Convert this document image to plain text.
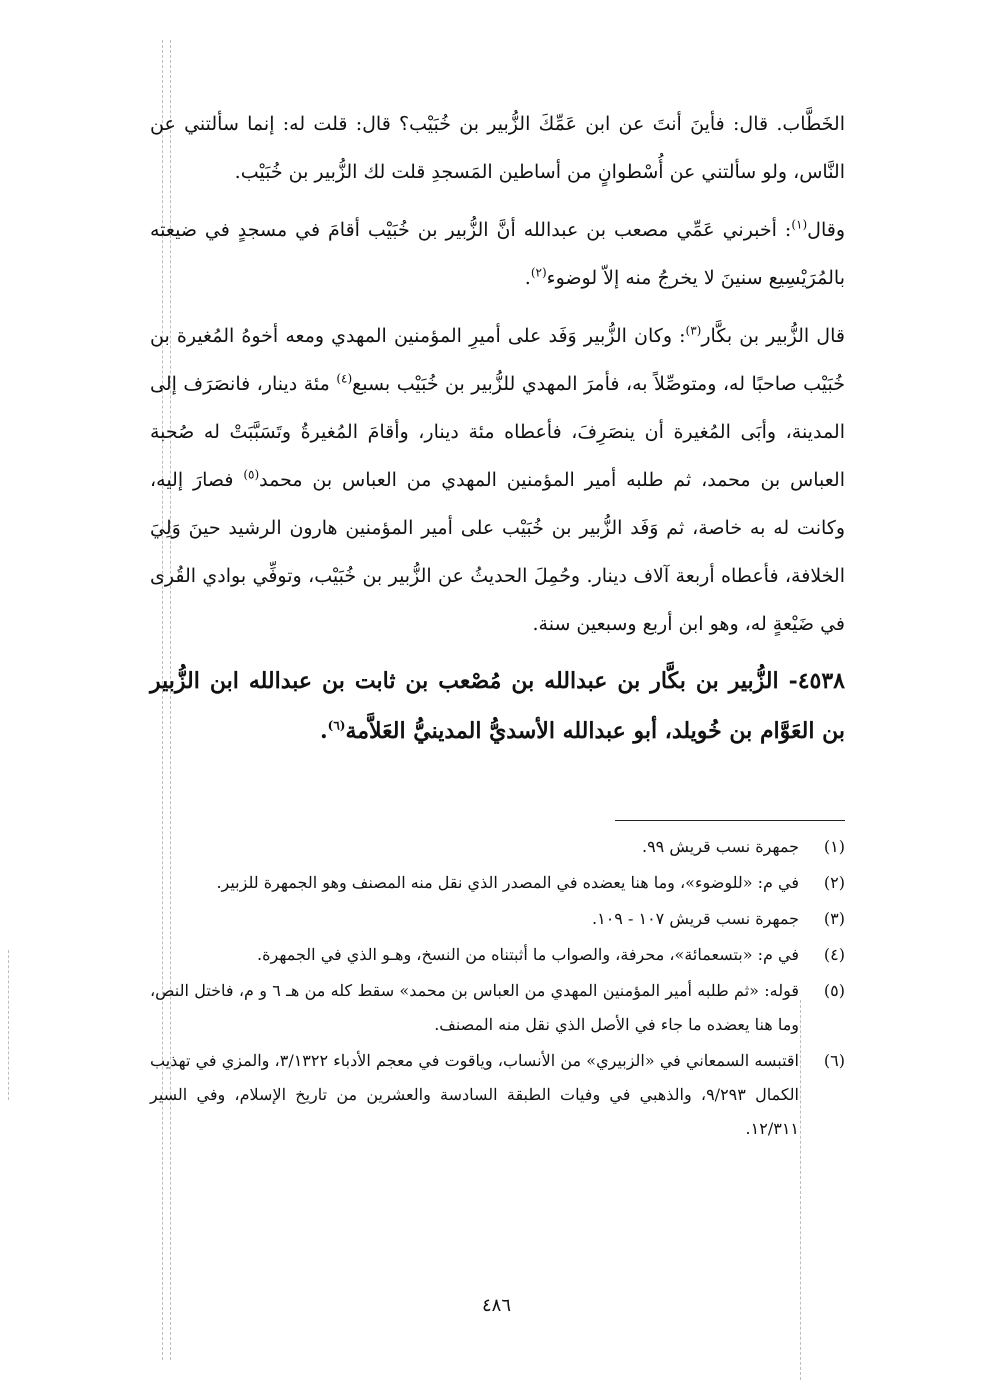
الخَطَّاب. قال: فأينَ أنتَ عن ابن عَمِّكَ الزُّبير بن خُبَيْب؟ قال: قلت له: إنما سألتني عن النَّاس، ولو سألتني عن أُسْطوانٍ من أساطين المَسجدِ قلت لك الزُّبير بن خُبَيْب.

وقال$^{(١)}$: أخبرني عَمِّي مصعب بن عبدالله أنَّ الزُّبير بن خُبَيْب أقامَ في مسجدٍ في ضيعته بالمُرَيْسِيع سنينَ لا يخرجُ منه إلاّ لوضوء$^{(٢)}$.

قال الزُّبير بن بكَّار$^{(٣)}$: وكان الزُّبير وَفَد على أميرِ المؤمنين المهدي ومعه أخوهُ المُغيرة بن خُبَيْب صاحبًا له، ومتوصِّلاً به، فأمرَ المهدي للزُّبير بن خُبَيْب بسبع$^{(٤)}$ مئة دينار، فانصَرَف إلى المدينة، وأبَى المُغيرة أن ينصَرِفَ، فأعطاه مئة دينار، وأقامَ المُغيرةُ وتَسَبَّبَتْ له صُحبة العباس بن محمد، ثم طلبه أمير المؤمنين المهدي من العباس بن محمد$^{(٥)}$ فصارَ إليه، وكانت له به خاصة، ثم وَفَد الزُّبير بن خُبَيْب على أمير المؤمنين هارون الرشيد حينَ وَلِيَ الخلافة، فأعطاه أربعة آلاف دينار. وحُمِلَ الحديثُ عن الزُّبير بن خُبَيْب، وتوفِّي بوادي القُرى في ضَيْعةٍ له، وهو ابن أربع وسبعين سنة.

٤٥٣٨- الزُّبير بن بكَّار بن عبدالله بن مُصْعب بن ثابت بن عبدالله ابن الزُّبير بن العَوَّام بن خُويلد، أبو عبدالله الأسديُّ المدينيُّ العَلاَّمة$^{(٦)}$.

(١)
جمهرة نسب قريش ٩٩.
(٢)
في م: «للوضوء»، وما هنا يعضده في المصدر الذي نقل منه المصنف وهو الجمهرة للزبير.
(٣)
جمهرة نسب قريش ١٠٧ - ١٠٩.
(٤)
في م: «بتسعمائة»، محرفة، والصواب ما أثبتناه من النسخ، وهـو الذي في الجمهرة.
(٥)
قوله: «ثم طلبه أمير المؤمنين المهدي من العباس بن محمد» سقط كله من هـ ٦ و م، فاختل النص، وما هنا يعضده ما جاء في الأصل الذي نقل منه المصنف.
(٦)
اقتبسه السمعاني في «الزبيري» من الأنساب، وياقوت في معجم الأدباء ٣/١٣٢٢، والمزي في تهذيب الكمال ٩/٢٩٣، والذهبي في وفيات الطبقة السادسة والعشرين من تاريخ الإسلام، وفي السير ١٢/٣١١.
٤٨٦
